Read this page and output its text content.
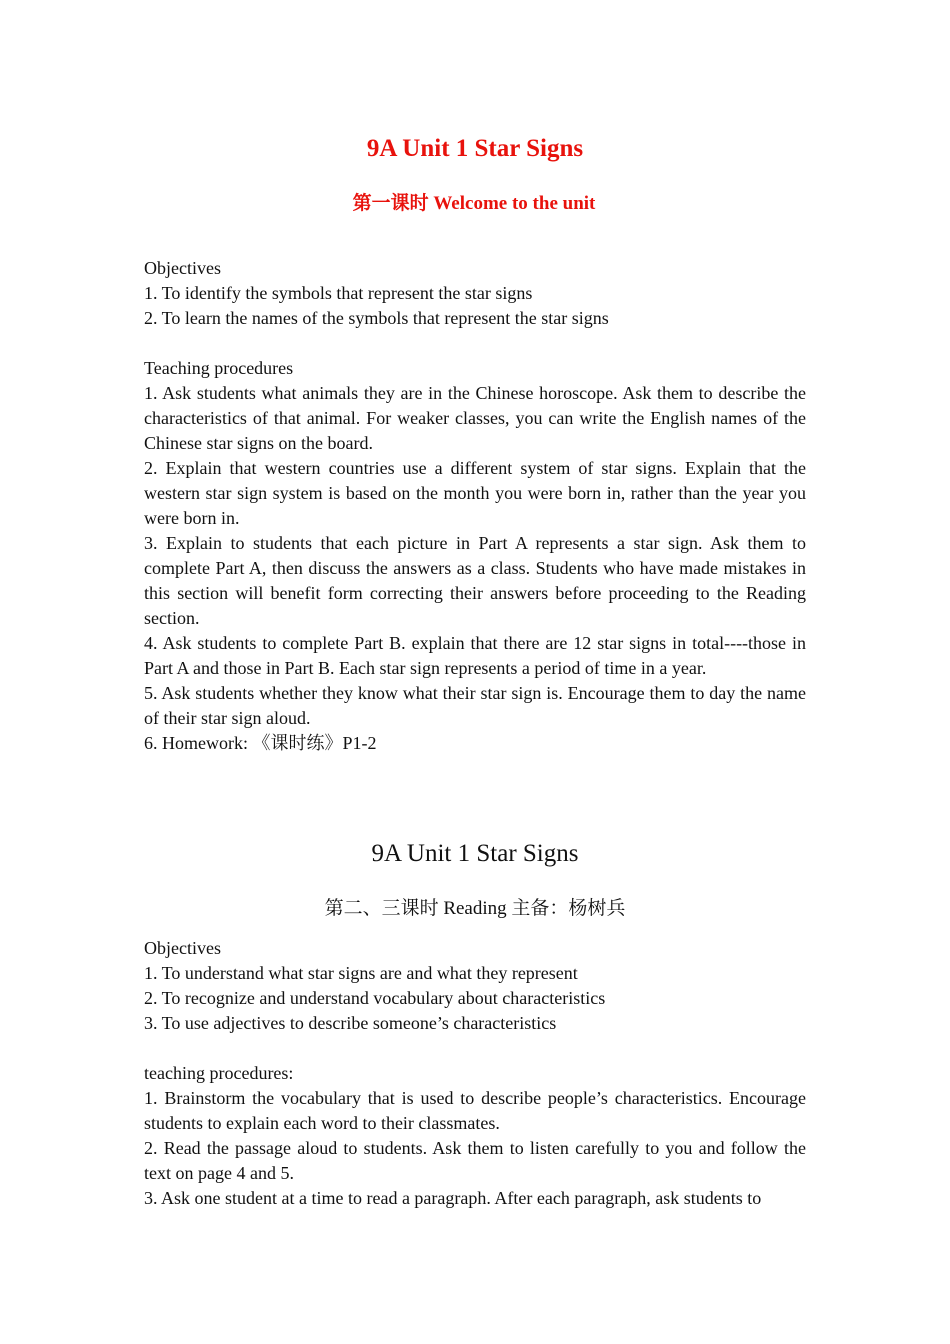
9A Unit 1 Star Signs
第一课时 Welcome to the unit

Objectives

1. To identify the symbols that represent the star signs

2. To learn the names of the symbols that represent the star signs

Teaching procedures

1. Ask students what animals they are in the Chinese horoscope. Ask them to describe the characteristics of that animal. For weaker classes, you can write the English names of the Chinese star signs on the board.

2. Explain that western countries use a different system of star signs. Explain that the western star sign system is based on the month you were born in, rather than the year you were born in.

3. Explain to students that each picture in Part A represents a star sign. Ask them to complete Part A, then discuss the answers as a class. Students who have made mistakes in this section will benefit form correcting their answers before proceeding to the Reading section.

4. Ask students to complete Part B. explain that there are 12 star signs in total----those in Part A and those in Part B. Each star sign represents a period of time in a year.

5. Ask students whether they know what their star sign is. Encourage them to day the name of their star sign aloud.

6. Homework: 《课时练》P1-2

9A Unit 1 Star Signs
第二、三课时 Reading 主备：杨树兵

Objectives

1. To understand what star signs are and what they represent

2. To recognize and understand vocabulary about characteristics

3. To use adjectives to describe someone’s characteristics

teaching procedures:

1. Brainstorm the vocabulary that is used to describe people’s characteristics. Encourage students to explain each word to their classmates.

2. Read the passage aloud to students. Ask them to listen carefully to you and follow the text on page 4 and 5.

3. Ask one student at a time to read a paragraph. After each paragraph, ask students to
